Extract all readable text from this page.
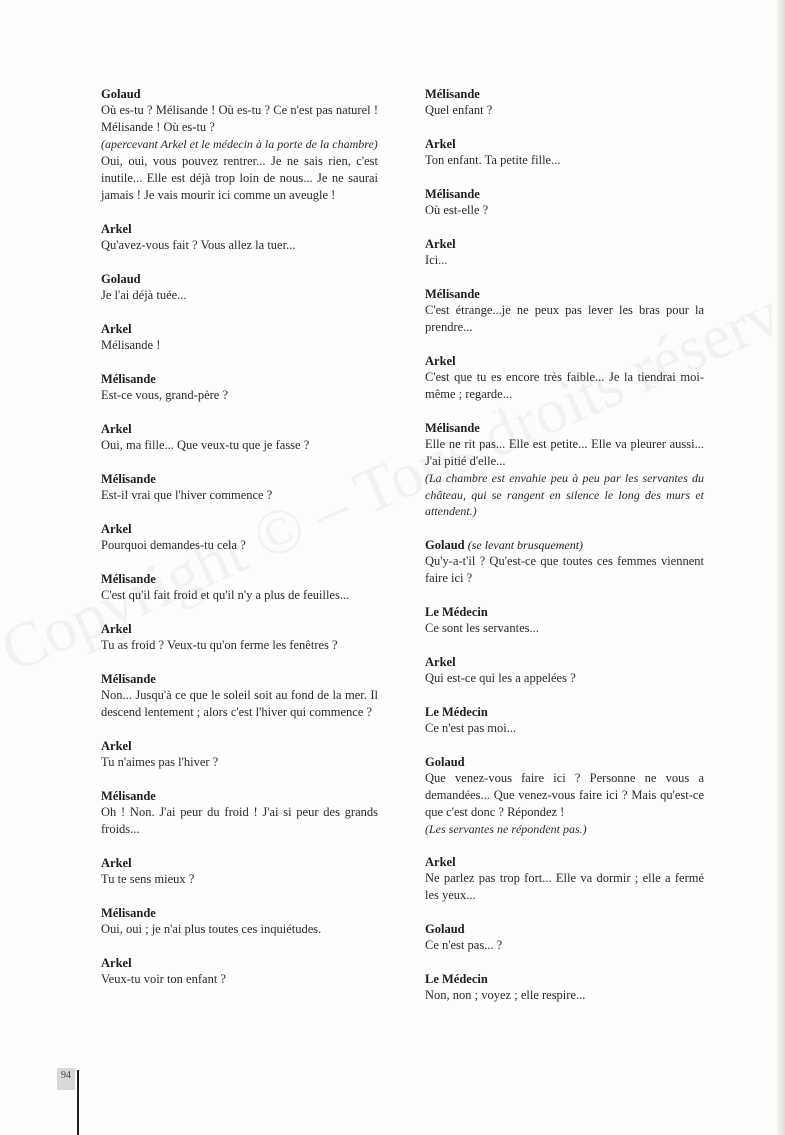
Golaud
Où es-tu ? Mélisande ! Où es-tu ? Ce n'est pas naturel ! Mélisande ! Où es-tu ?
(apercevant Arkel et le médecin à la porte de la chambre)
Oui, oui, vous pouvez rentrer... Je ne sais rien, c'est inutile... Elle est déjà trop loin de nous... Je ne saurai jamais ! Je vais mourir ici comme un aveugle !
Arkel
Qu'avez-vous fait ? Vous allez la tuer...
Golaud
Je l'ai déjà tuée...
Arkel
Mélisande !
Mélisande
Est-ce vous, grand-père ?
Arkel
Oui, ma fille... Que veux-tu que je fasse ?
Mélisande
Est-il vrai que l'hiver commence ?
Arkel
Pourquoi demandes-tu cela ?
Mélisande
C'est qu'il fait froid et qu'il n'y a plus de feuilles...
Arkel
Tu as froid ? Veux-tu qu'on ferme les fenêtres ?
Mélisande
Non... Jusqu'à ce que le soleil soit au fond de la mer. Il descend lentement ; alors c'est l'hiver qui commence ?
Arkel
Tu n'aimes pas l'hiver ?
Mélisande
Oh ! Non. J'ai peur du froid ! J'ai si peur des grands froids...
Arkel
Tu te sens mieux ?
Mélisande
Oui, oui ; je n'ai plus toutes ces inquiétudes.
Arkel
Veux-tu voir ton enfant ?
Mélisande
Quel enfant ?
Arkel
Ton enfant. Ta petite fille...
Mélisande
Où est-elle ?
Arkel
Ici...
Mélisande
C'est étrange...je ne peux pas lever les bras pour la prendre...
Arkel
C'est que tu es encore très faible... Je la tiendrai moi-même ; regarde...
Mélisande
Elle ne rit pas... Elle est petite... Elle va pleurer aussi... J'ai pitié d'elle...
(La chambre est envahie peu à peu par les servantes du château, qui se rangent en silence le long des murs et attendent.)
Golaud (se levant brusquement)
Qu'y-a-t'il ? Qu'est-ce que toutes ces femmes viennent faire ici ?
Le Médecin
Ce sont les servantes...
Arkel
Qui est-ce qui les a appelées ?
Le Médecin
Ce n'est pas moi...
Golaud
Que venez-vous faire ici ? Personne ne vous a demandées... Que venez-vous faire ici ? Mais qu'est-ce que c'est donc ? Répondez !
(Les servantes ne répondent pas.)
Arkel
Ne parlez pas trop fort... Elle va dormir ; elle a fermé les yeux...
Golaud
Ce n'est pas... ?
Le Médecin
Non, non ; voyez ; elle respire...
94
